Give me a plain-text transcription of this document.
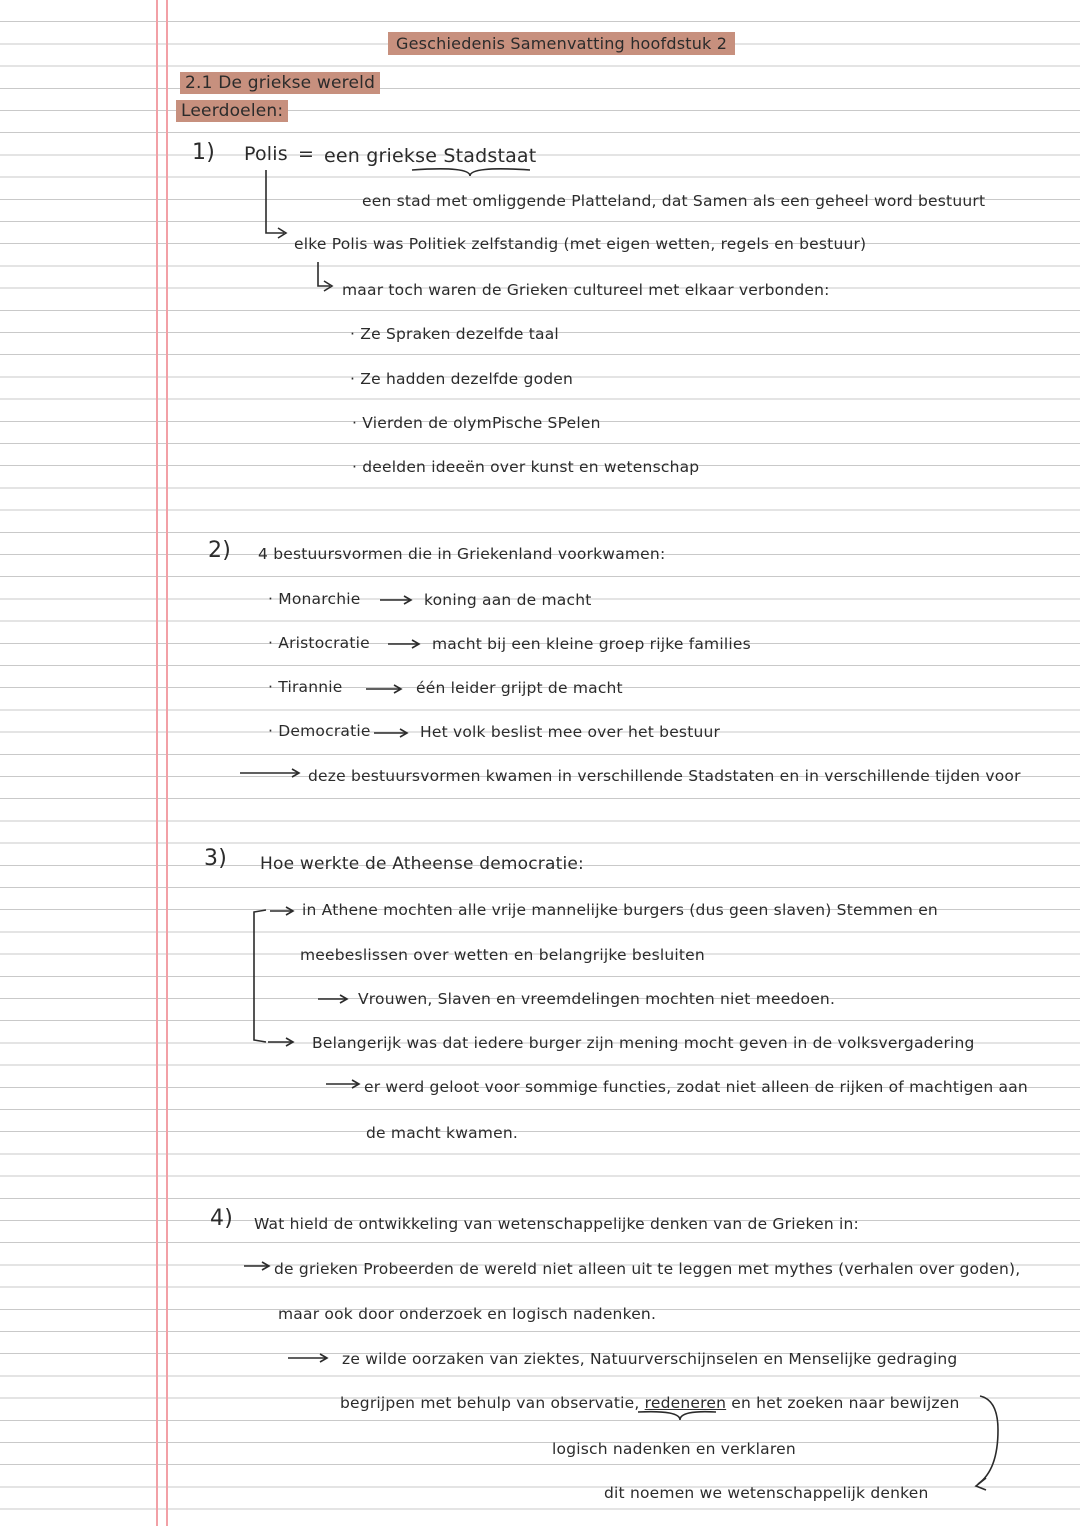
Geschiedenis Samenvatting hoofdstuk 2
2.1 De griekse wereld
Leerdoelen:
1) Polis = een griekse Stadstaat
een stad met omliggende Platteland, dat Samen als een geheel word bestuurt
elke Polis was Politiek zelfstandig (met eigen wetten, regels en bestuur)
maar toch waren de Grieken cultureel met elkaar verbonden:
· Ze Spraken dezelfde taal
· Ze hadden dezelfde goden
· Vierden de olymPische SPelen
· deelden ideeën over kunst en wetenschap
2) 4 bestuursvormen die in Griekenland voorkwamen:
· Monarchie	koning aan de macht
· Aristocratie	macht bij een kleine groep rijke families
· Tirannie	één leider grijpt de macht
· Democratie	Het volk beslist mee over het bestuur
deze bestuursvormen kwamen in verschillende Stadstaten en in verschillende tijden voor
3) Hoe werkte de Atheense democratie:
in Athene mochten alle vrije mannelijke burgers (dus geen slaven) Stemmen en
meebeslissen over wetten en belangrijke besluiten
Vrouwen, Slaven en vreemdelingen mochten niet meedoen.
Belangerijk was dat iedere burger zijn mening mocht geven in de volksvergadering
er werd geloot voor sommige functies, zodat niet alleen de rijken of machtigen aan
de macht kwamen.
4) Wat hield de ontwikkeling van wetenschappelijke denken van de Grieken in:
de grieken Probeerden de wereld niet alleen uit te leggen met mythes (verhalen over goden),
maar ook door onderzoek en logisch nadenken.
ze wilde oorzaken van ziektes, Natuurverschijnselen en Menselijke gedraging
begrijpen met behulp van observatie, redeneren en het zoeken naar bewijzen
logisch nadenken en verklaren
dit noemen we wetenschappelijk denken
